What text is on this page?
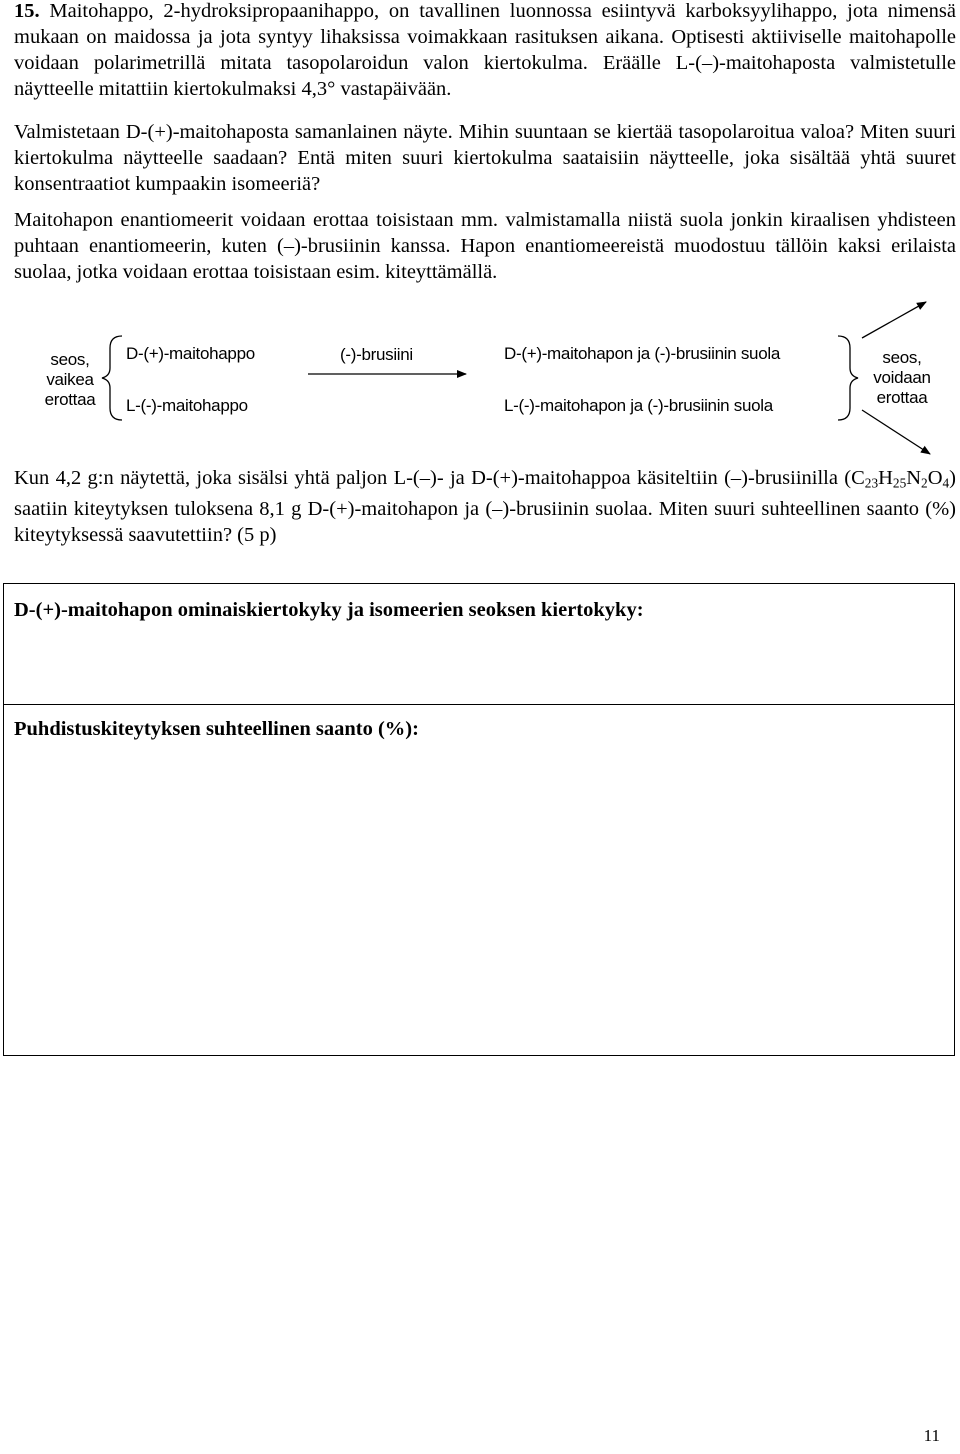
15. Maitohappo, 2-hydroksipropaanihappo, on tavallinen luonnossa esiintyvä karboksyylihappo, jota nimensä mukaan on maidossa ja jota syntyy lihaksissa voimakkaan rasituksen aikana. Optisesti aktiiviselle maitohapolle voidaan polarimetrillä mitata tasopolaroidun valon kiertokulma. Eräälle L-(–)-maitohaposta valmistetulle näytteelle mitattiin kiertokulmaksi 4,3° vastapäivään.

Valmistetaan D-(+)-maitohaposta samanlainen näyte. Mihin suuntaan se kiertää tasopolaroitua valoa? Miten suuri kiertokulma näytteelle saadaan? Entä miten suuri kiertokulma saataisiin näytteelle, joka sisältää yhtä suuret konsentraatiot kumpaakin isomeeriä?

Maitohapon enantiomeerit voidaan erottaa toisistaan mm. valmistamalla niistä suola jonkin kiraalisen yhdisteen puhtaan enantiomeerin, kuten (–)-brusiinin kanssa. Hapon enantiomeereistä muodostuu tällöin kaksi erilaista suolaa, jotka voidaan erottaa toisistaan esim. kiteyttämällä.

seos,
vaikea
erottaa
D-(+)-maitohappo
L-(-)-maitohappo
(-)-brusiini	D-(+)-maitohapon ja (-)-brusiinin suola
L-(-)-maitohapon ja (-)-brusiinin suola
seos,
voidaan
erottaa

Kun 4,2 g:n näytettä, joka sisälsi yhtä paljon L-(–)- ja D-(+)-maitohappoa käsiteltiin (–)-brusiinilla $(C_{23}H_{25}N_2O_4)$ saatiin kiteytyksen tuloksena 8,1 g D-(+)-maitohapon ja (–)-brusiinin suolaa. Miten suuri suhteellinen saanto (%) kiteytyksessä saavutettiin? (5 p)

D-(+)-maitohapon ominaiskiertokyky ja isomeerien seoksen kiertokyky:
Puhdistuskiteytyksen suhteellinen saanto (%):
11
